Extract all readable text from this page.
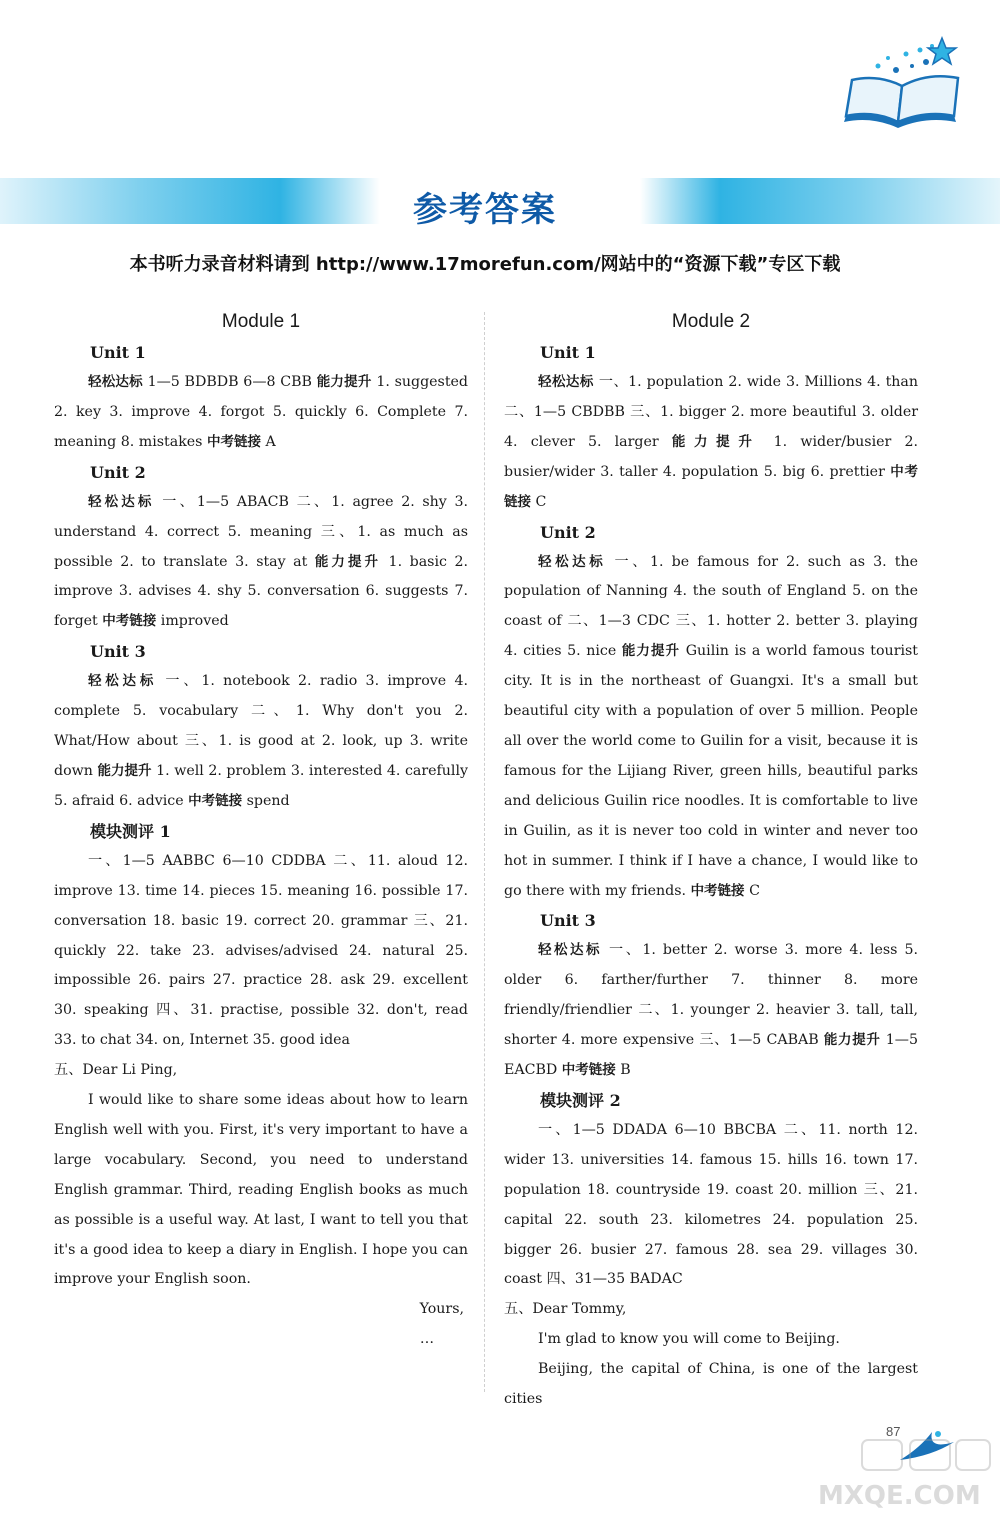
参考答案
本书听力录音材料请到 http://www.17morefun.com/网站中的“资源下载”专区下载
Module 1
Unit 1
轻松达标 1—5 BDBDB 6—8 CBB 能力提升 1. suggested 2. key 3. improve 4. forgot 5. quickly 6. Complete 7. meaning 8. mistakes 中考链接 A
Unit 2
轻松达标 一、1—5 ABACB 二、1. agree 2. shy 3. understand 4. correct 5. meaning 三、1. as much as possible 2. to translate 3. stay at 能力提升 1. basic 2. improve 3. advises 4. shy 5. conversation 6. suggests 7. forget 中考链接 improved
Unit 3
轻松达标 一、1. notebook 2. radio 3. improve 4. complete 5. vocabulary 二、1. Why don't you 2. What/How about 三、1. is good at 2. look, up 3. write down 能力提升 1. well 2. problem 3. interested 4. carefully 5. afraid 6. advice 中考链接 spend
模块测评 1
一、1—5 AABBC 6—10 CDDBA 二、11. aloud 12. improve 13. time 14. pieces 15. meaning 16. possible 17. conversation 18. basic 19. correct 20. grammar 三、21. quickly 22. take 23. advises/advised 24. natural 25. impossible 26. pairs 27. practice 28. ask 29. excellent 30. speaking 四、31. practise, possible 32. don't, read 33. to chat 34. on, Internet 35. good idea
五、Dear Li Ping,
I would like to share some ideas about how to learn English well with you. First, it's very important to have a large vocabulary. Second, you need to understand English grammar. Third, reading English books as much as possible is a useful way. At last, I want to tell you that it's a good idea to keep a diary in English. I hope you can improve your English soon.
Yours,
…
Module 2
Unit 1
轻松达标 一、1. population 2. wide 3. Millions 4. than 二、1—5 CBDBB 三、1. bigger 2. more beautiful 3. older 4. clever 5. larger 能力提升 1. wider/busier 2. busier/wider 3. taller 4. population 5. big 6. prettier 中考链接 C
Unit 2
轻松达标 一、1. be famous for 2. such as 3. the population of Nanning 4. the south of England 5. on the coast of 二、1—3 CDC 三、1. hotter 2. better 3. playing 4. cities 5. nice 能力提升 Guilin is a world famous tourist city. It is in the northeast of Guangxi. It's a small but beautiful city with a population of over 5 million. People all over the world come to Guilin for a visit, because it is famous for the Lijiang River, green hills, beautiful parks and delicious Guilin rice noodles. It is comfortable to live in Guilin, as it is never too cold in winter and never too hot in summer. I think if I have a chance, I would like to go there with my friends. 中考链接 C
Unit 3
轻松达标 一、1. better 2. worse 3. more 4. less 5. older 6. farther/further 7. thinner 8. more friendly/friendlier 二、1. younger 2. heavier 3. tall, tall, shorter 4. more expensive 三、1—5 CABAB 能力提升 1—5 EACBD 中考链接 B
模块测评 2
一、1—5 DDADA 6—10 BBCBA 二、11. north 12. wider 13. universities 14. famous 15. hills 16. town 17. population 18. countryside 19. coast 20. million 三、21. capital 22. south 23. kilometres 24. population 25. bigger 26. busier 27. famous 28. sea 29. villages 30. coast 四、31—35 BADAC
五、Dear Tommy,
I'm glad to know you will come to Beijing.
Beijing, the capital of China, is one of the largest cities
87
MXQE.COM
